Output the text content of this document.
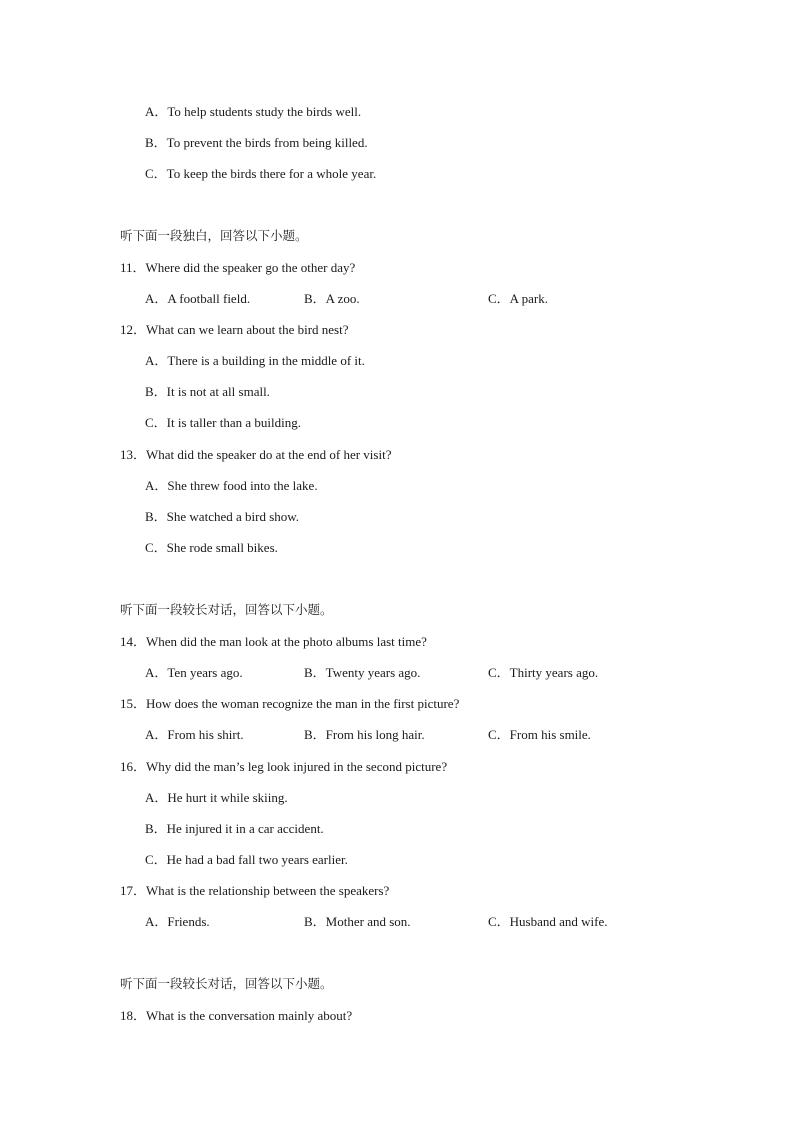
A．To help students study the birds well.
B．To prevent the birds from being killed.
C．To keep the birds there for a whole year.
听下面一段独白，回答以下小题。
11．Where did the speaker go the other day?
A．A football field.	B．A zoo.	C．A park.
12．What can we learn about the bird nest?
A．There is a building in the middle of it.
B．It is not at all small.
C．It is taller than a building.
13．What did the speaker do at the end of her visit?
A．She threw food into the lake.
B．She watched a bird show.
C．She rode small bikes.
听下面一段较长对话，回答以下小题。
14．When did the man look at the photo albums last time?
A．Ten years ago.	B．Twenty years ago.	C．Thirty years ago.
15．How does the woman recognize the man in the first picture?
A．From his shirt.	B．From his long hair.	C．From his smile.
16．Why did the man’s leg look injured in the second picture?
A．He hurt it while skiing.
B．He injured it in a car accident.
C．He had a bad fall two years earlier.
17．What is the relationship between the speakers?
A．Friends.	B．Mother and son.	C．Husband and wife.
听下面一段较长对话，回答以下小题。
18．What is the conversation mainly about?
